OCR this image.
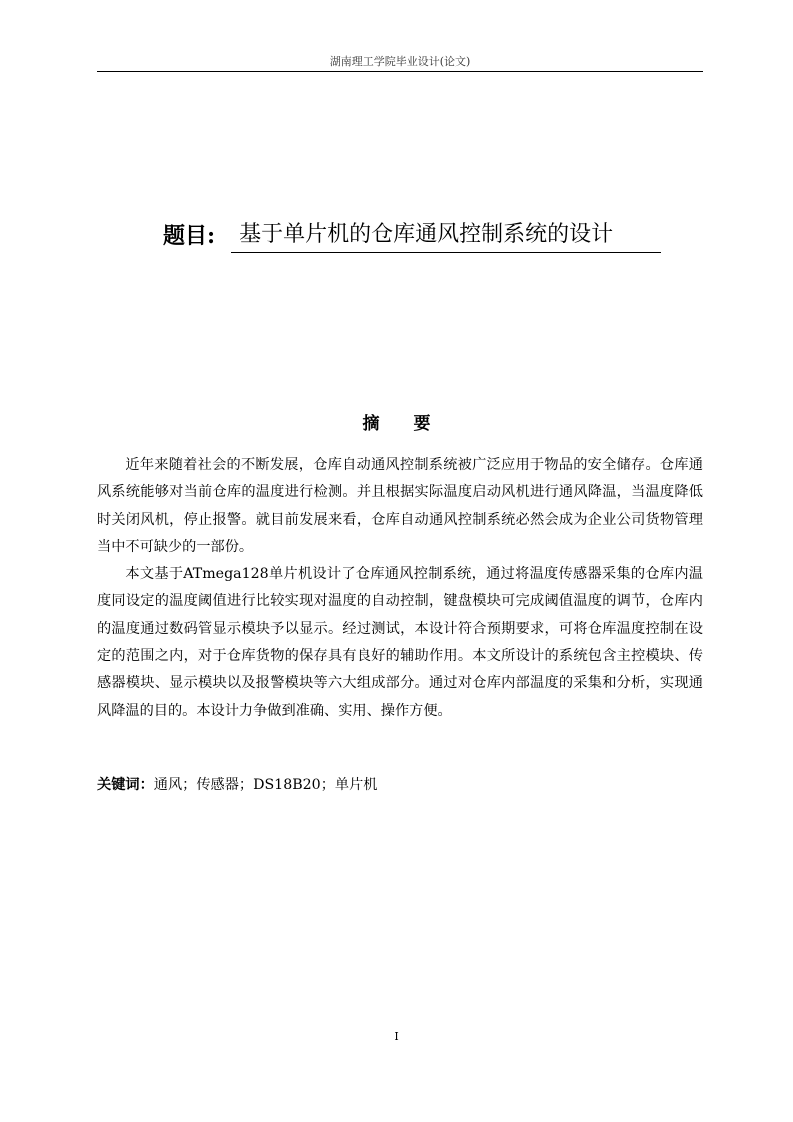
湖南理工学院毕业设计(论文)
题目:	基于单片机的仓库通风控制系统的设计
摘 要

近年来随着社会的不断发展，仓库自动通风控制系统被广泛应用于物品的安全储存。仓库通风系统能够对当前仓库的温度进行检测。并且根据实际温度启动风机进行通风降温，当温度降低时关闭风机，停止报警。就目前发展来看，仓库自动通风控制系统必然会成为企业公司货物管理当中不可缺少的一部份。

本文基于ATmega128单片机设计了仓库通风控制系统，通过将温度传感器采集的仓库内温度同设定的温度阈值进行比较实现对温度的自动控制，键盘模块可完成阈值温度的调节，仓库内的温度通过数码管显示模块予以显示。经过测试，本设计符合预期要求，可将仓库温度控制在设定的范围之内，对于仓库货物的保存具有良好的辅助作用。本文所设计的系统包含主控模块、传感器模块、显示模块以及报警模块等六大组成部分。通过对仓库内部温度的采集和分析，实现通风降温的目的。本设计力争做到准确、实用、操作方便。

关键词：通风；传感器；DS18B20；单片机
I
